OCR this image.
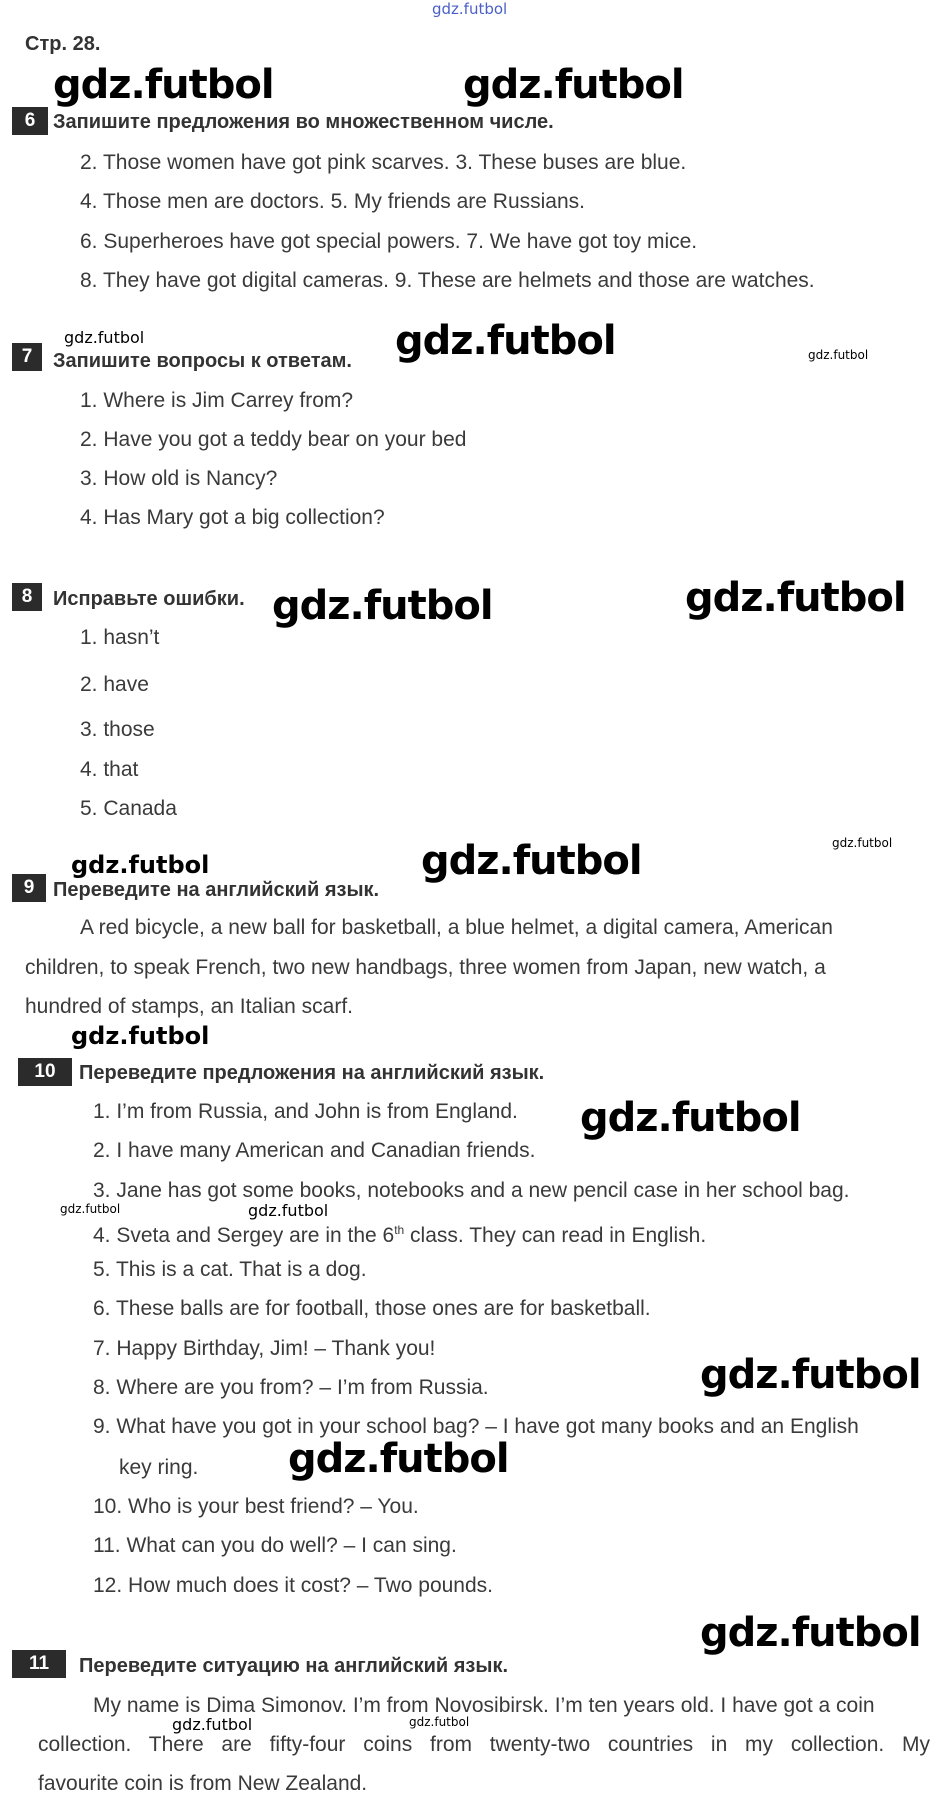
gdz.futbol
Стр. 28.
6 Запишите предложения во множественном числе.
2. Those women have got pink scarves. 3. These buses are blue.
4. Those men are doctors. 5. My friends are Russians.
6. Superheroes have got special powers. 7. We have got toy mice.
8. They have got digital cameras. 9. These are helmets and those are watches.
7	Запишите вопросы к ответам.
1. Where is Jim Carrey from?
2. Have you got a teddy bear on your bed
3. How old is Nancy?
4. Has Mary got a big collection?
8	Исправьте ошибки.
1. hasn’t
2. have
3. those
4. that
5. Canada
9 Переведите на английский язык.
A red bicycle, a new ball for basketball, a blue helmet, a digital camera, American
children, to speak French, two new handbags, three women from Japan, new watch, a
hundred of stamps, an Italian scarf.
10	Переведите предложения на английский язык.
1. I’m from Russia, and John is from England.
2. I have many American and Canadian friends.
3. Jane has got some books, notebooks and a new pencil case in her school bag.
4. Sveta and Sergey are in the 6th class. They can read in English.
5. This is a cat. That is a dog.
6. These balls are for football, those ones are for basketball.
7. Happy Birthday, Jim! – Thank you!
8. Where are you from? – I’m from Russia.
9. What have you got in your school bag? – I have got many books and an English
key ring.
10. Who is your best friend? – You.
11. What can you do well? – I can sing.
12. How much does it cost? – Two pounds.
11	Переведите ситуацию на английский язык.
My name is Dima Simonov. I’m from Novosibirsk. I’m ten years old. I have got a coin
collection. There are fifty-four coins from twenty-two countries in my collection. My
favourite coin is from New Zealand.
gdz.futbol	gdz.futbol
gdz.futbol	gdz.futbol	gdz.futbol
gdz.futbol	gdz.futbol
gdz.futbol
gdz.futbol	gdz.futbol
gdz.futbol
gdz.futbol
gdz.futbol	gdz.futbol
gdz.futbol
gdz.futbol
gdz.futbol
gdz.futbol	gdz.futbol
